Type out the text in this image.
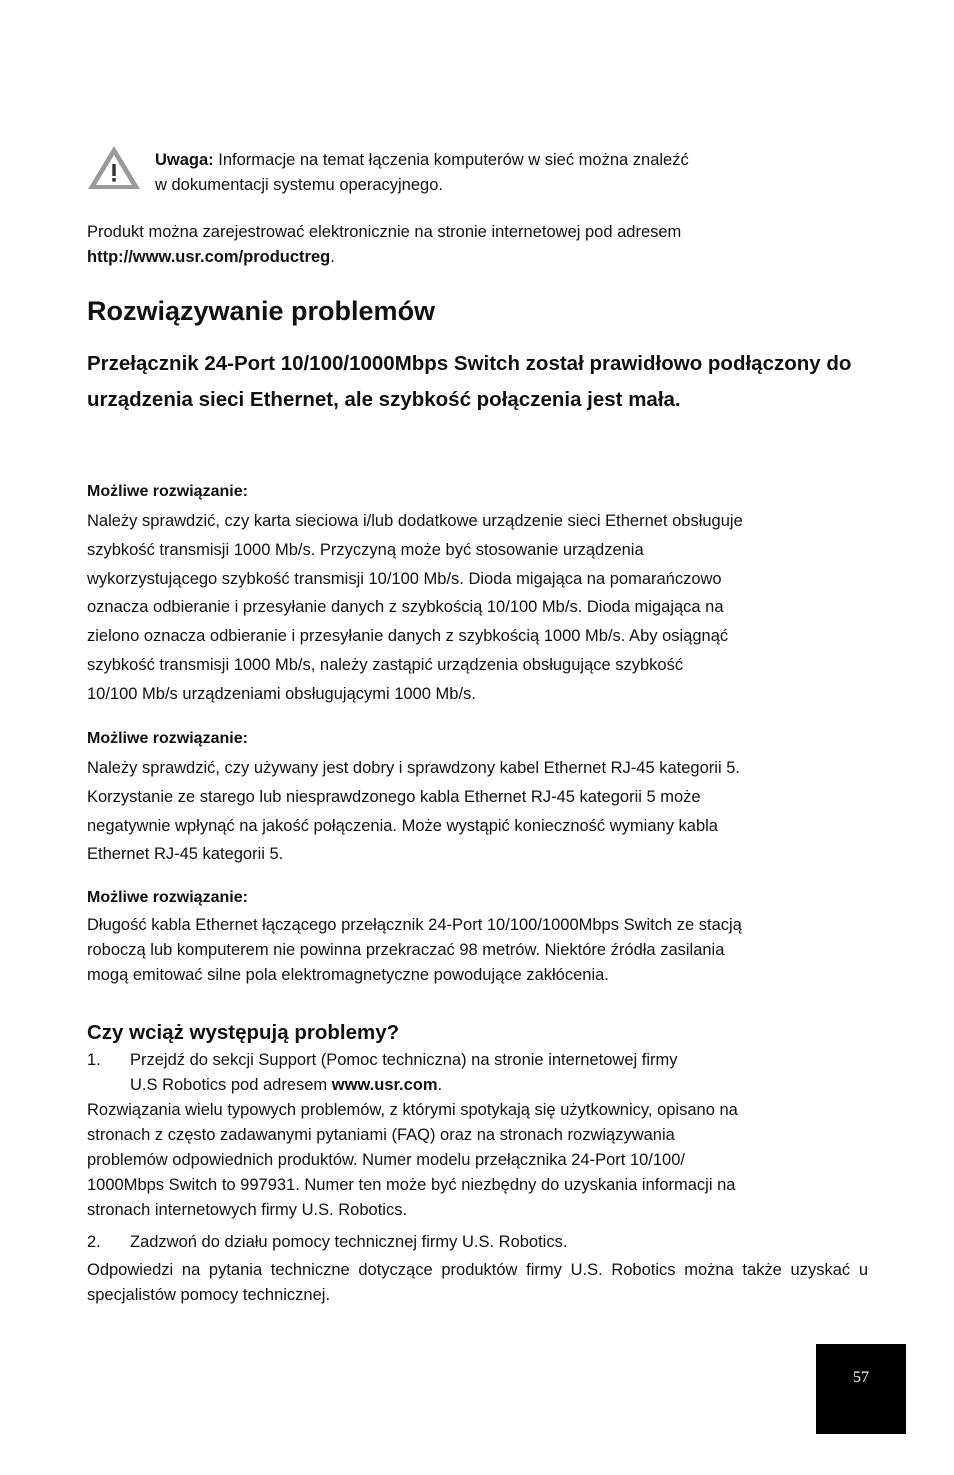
Uwaga: Informacje na temat łączenia komputerów w sieć można znaleźć
w dokumentacji systemu operacyjnego.
Produkt można zarejestrować elektronicznie na stronie internetowej pod adresem
http://www.usr.com/productreg.
Rozwiązywanie problemów
Przełącznik 24-Port 10/100/1000Mbps Switch został prawidłowo podłączony do urządzenia sieci Ethernet, ale szybkość połączenia jest mała.
Możliwe rozwiązanie:
Należy sprawdzić, czy karta sieciowa i/lub dodatkowe urządzenie sieci Ethernet obsługuje
szybkość transmisji 1000 Mb/s. Przyczyną może być stosowanie urządzenia
wykorzystującego szybkość transmisji 10/100 Mb/s. Dioda migająca na pomarańczowo
oznacza odbieranie i przesyłanie danych z szybkością 10/100 Mb/s. Dioda migająca na
zielono oznacza odbieranie i przesyłanie danych z szybkością 1000 Mb/s. Aby osiągnąć
szybkość transmisji 1000 Mb/s, należy zastąpić urządzenia obsługujące szybkość
10/100 Mb/s urządzeniami obsługującymi 1000 Mb/s.
Możliwe rozwiązanie:
Należy sprawdzić, czy używany jest dobry i sprawdzony kabel Ethernet RJ-45 kategorii 5.
Korzystanie ze starego lub niesprawdzonego kabla Ethernet RJ-45 kategorii 5 może
negatywnie wpłynąć na jakość połączenia. Może wystąpić konieczność wymiany kabla
Ethernet RJ-45 kategorii 5.
Możliwe rozwiązanie:
Długość kabla Ethernet łączącego przełącznik 24-Port 10/100/1000Mbps Switch ze stacją
roboczą lub komputerem nie powinna przekraczać 98 metrów. Niektóre źródła zasilania
mogą emitować silne pola elektromagnetyczne powodujące zakłócenia.
Czy wciąż występują problemy?
1. Przejdź do sekcji Support (Pomoc techniczna) na stronie internetowej firmy
U.S Robotics pod adresem www.usr.com.
Rozwiązania wielu typowych problemów, z którymi spotykają się użytkownicy, opisano na
stronach z często zadawanymi pytaniami (FAQ) oraz na stronach rozwiązywania
problemów odpowiednich produktów. Numer modelu przełącznika 24-Port 10/100/
1000Mbps Switch to 997931. Numer ten może być niezbędny do uzyskania informacji na
stronach internetowych firmy U.S. Robotics.
2. Zadzwoń do działu pomocy technicznej firmy U.S. Robotics.
Odpowiedzi na pytania techniczne dotyczące produktów firmy U.S. Robotics można także uzyskać u specjalistów pomocy technicznej.
57
